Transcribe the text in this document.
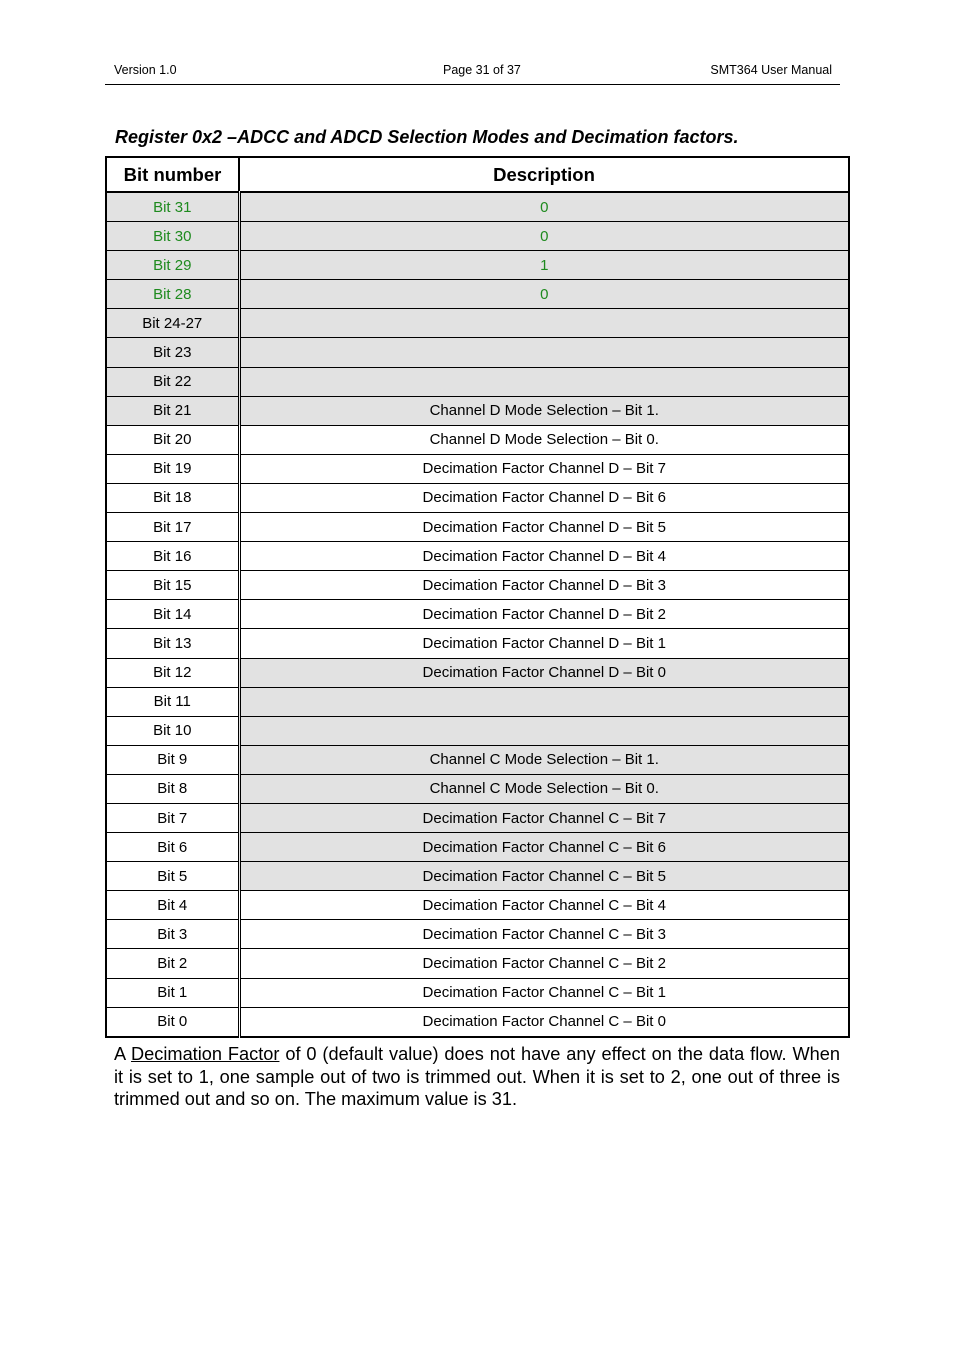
Version 1.0	Page 31 of 37	SMT364 User Manual
Register 0x2 –ADCC and ADCD Selection Modes and Decimation factors.
Bit number	Description
Bit 31	0
Bit 30	0
Bit 29	1
Bit 28	0
Bit 24-27	
Bit 23	
Bit 22	
Bit 21	Channel D Mode Selection – Bit 1.
Bit 20	Channel D Mode Selection – Bit 0.
Bit 19	Decimation Factor Channel D – Bit 7
Bit 18	Decimation Factor Channel D – Bit 6
Bit 17	Decimation Factor Channel D – Bit 5
Bit 16	Decimation Factor Channel D – Bit 4
Bit 15	Decimation Factor Channel D – Bit 3
Bit 14	Decimation Factor Channel D – Bit 2
Bit 13	Decimation Factor Channel D – Bit 1
Bit 12	Decimation Factor Channel D – Bit 0
Bit 11	
Bit 10	
Bit 9	Channel C Mode Selection – Bit 1.
Bit 8	Channel C Mode Selection – Bit 0.
Bit 7	Decimation Factor Channel C – Bit 7
Bit 6	Decimation Factor Channel C – Bit 6
Bit 5	Decimation Factor Channel C – Bit 5
Bit 4	Decimation Factor Channel C – Bit 4
Bit 3	Decimation Factor Channel C – Bit 3
Bit 2	Decimation Factor Channel C – Bit 2
Bit 1	Decimation Factor Channel C – Bit 1
Bit 0	Decimation Factor Channel C – Bit 0
A Decimation Factor of 0 (default value) does not have any effect on the data flow. When it is set to 1, one sample out of two is trimmed out. When it is set to 2, one out of three is trimmed out and so on. The maximum value is 31.
